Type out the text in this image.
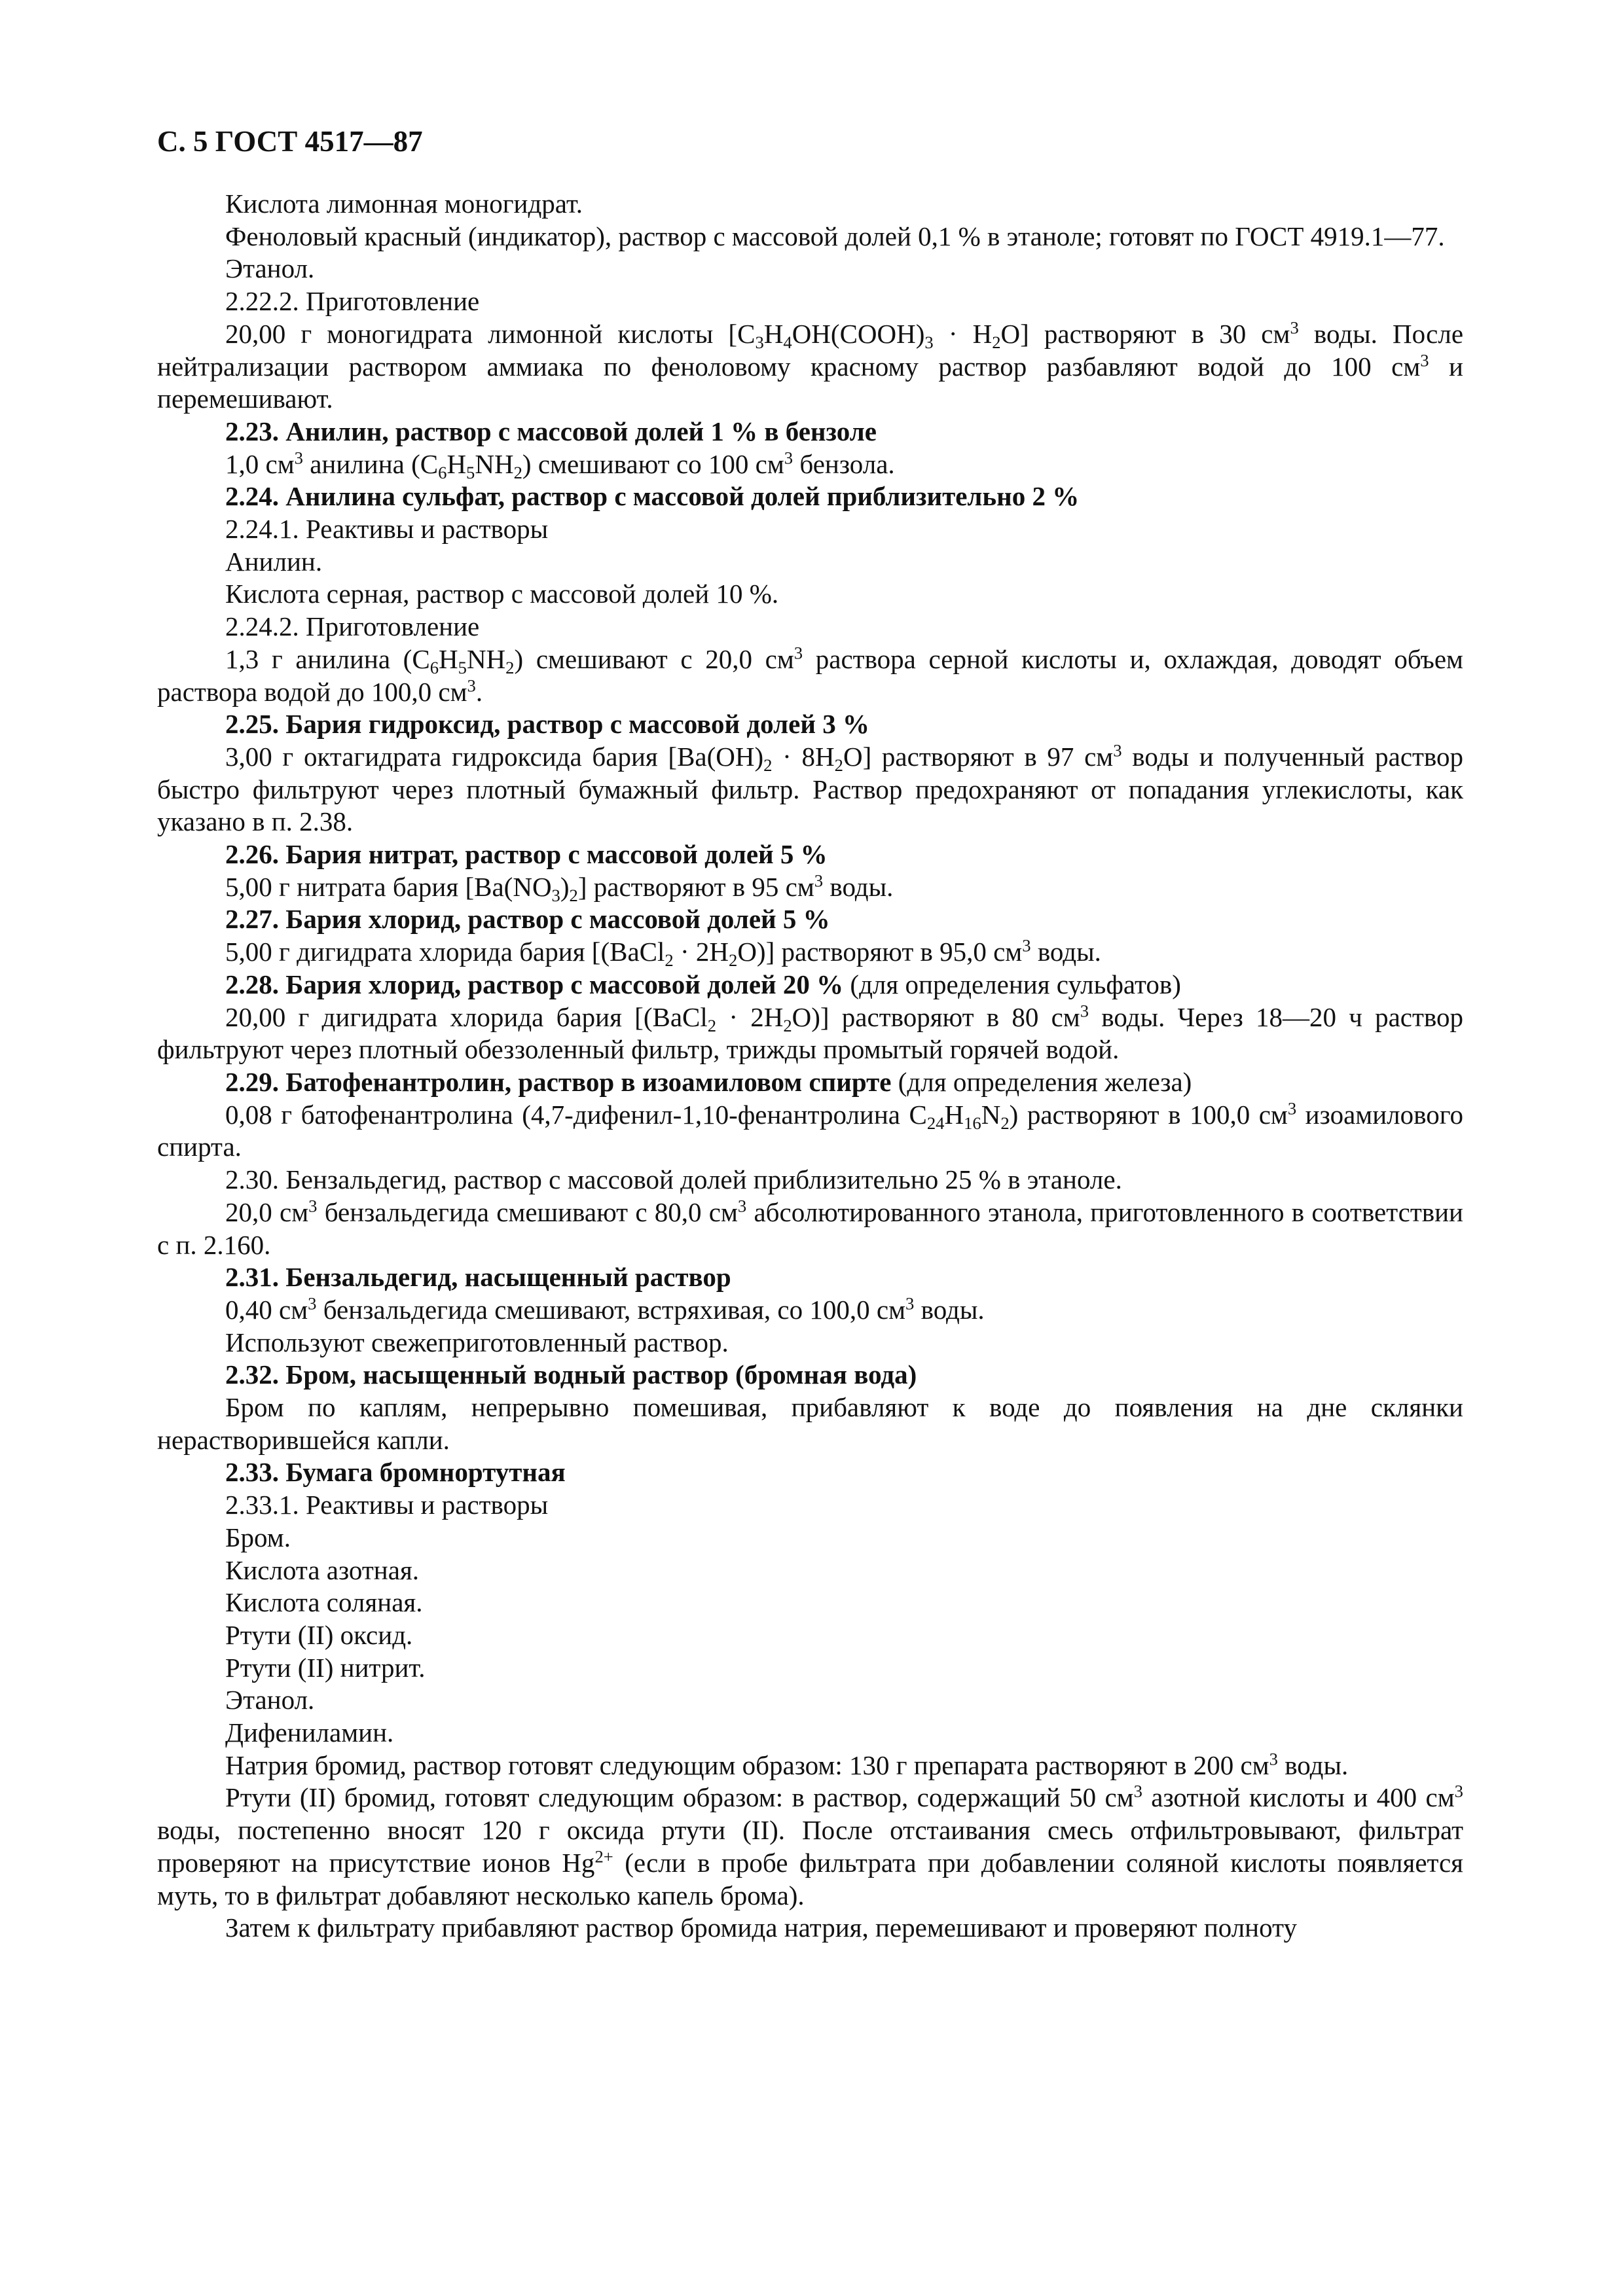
С. 5 ГОСТ 4517—87

Кислота лимонная моногидрат.

Феноловый красный (индикатор), раствор с массовой долей 0,1 % в этаноле; готовят по ГОСТ 4919.1—77.

Этанол.

2.22.2. Приготовление

20,00 г моногидрата лимонной кислоты $[C_3H_4OH(COOH)_3 \cdot H_2O]$ растворяют в 30 $см^3$ воды. После нейтрализации раствором аммиака по феноловому красному раствор разбавляют водой до 100 $см^3$ и перемешивают.

2.23. Анилин, раствор с массовой долей 1 % в бензоле

1,0 $см^3$ анилина $(C_6H_5NH_2)$ смешивают со 100 $см^3$ бензола.

2.24. Анилина сульфат, раствор с массовой долей приблизительно 2 %

2.24.1. Реактивы и растворы

Анилин.

Кислота серная, раствор с массовой долей 10 %.

2.24.2. Приготовление

1,3 г анилина $(C_6H_5NH_2)$ смешивают с 20,0 $см^3$ раствора серной кислоты и, охлаждая, доводят объем раствора водой до 100,0 $см^3$.

2.25. Бария гидроксид, раствор с массовой долей 3 %

3,00 г октагидрата гидроксида бария $[Ba(OH)_2 \cdot 8H_2O]$ растворяют в 97 $см^3$ воды и полученный раствор быстро фильтруют через плотный бумажный фильтр. Раствор предохраняют от попадания углекислоты, как указано в п. 2.38.

2.26. Бария нитрат, раствор с массовой долей 5 %

5,00 г нитрата бария $[Ba(NO_3)_2]$ растворяют в 95 $см^3$ воды.

2.27. Бария хлорид, раствор с массовой долей 5 %

5,00 г дигидрата хлорида бария [(BaCl$_2$ · $2H_2O$)] растворяют в 95,0 $см^3$ воды.

2.28. Бария хлорид, раствор с массовой долей 20 % (для определения сульфатов)

20,00 г дигидрата хлорида бария [(BaCl$_2$ · $2H_2O$)] растворяют в 80 $см^3$ воды. Через 18—20 ч раствор фильтруют через плотный обеззоленный фильтр, трижды промытый горячей водой.

2.29. Батофенантролин, раствор в изоамиловом спирте (для определения железа)

0,08 г батофенантролина (4,7-дифенил-1,10-фенантролина $C_{24}H_{16}N_2$) растворяют в 100,0 $см^3$ изоамилового спирта.

2.30. Бензальдегид, раствор с массовой долей приблизительно 25 % в этаноле.

20,0 $см^3$ бензальдегида смешивают с 80,0 $см^3$ абсолютированного этанола, приготовленного в соответствии с п. 2.160.

2.31. Бензальдегид, насыщенный раствор

0,40 $см^3$ бензальдегида смешивают, встряхивая, со 100,0 $см^3$ воды.

Используют свежеприготовленный раствор.

2.32. Бром, насыщенный водный раствор (бромная вода)

Бром по каплям, непрерывно помешивая, прибавляют к воде до появления на дне склянки нерастворившейся капли.

2.33. Бумага бромнортутная

2.33.1. Реактивы и растворы

Бром.

Кислота азотная.

Кислота соляная.

Ртути (II) оксид.

Ртути (II) нитрит.

Этанол.

Дифениламин.

Натрия бромид, раствор готовят следующим образом: 130 г препарата растворяют в 200 $см^3$ воды.

Ртути (II) бромид, готовят следующим образом: в раствор, содержащий 50 $см^3$ азотной кислоты и 400 $см^3$ воды, постепенно вносят 120 г оксида ртути (II). После отстаивания смесь отфильтровывают, фильтрат проверяют на присутствие ионов $Hg^{2+}$ (если в пробе фильтрата при добавлении соляной кислоты появляется муть, то в фильтрат добавляют несколько капель брома).

Затем к фильтрату прибавляют раствор бромида натрия, перемешивают и проверяют полноту
